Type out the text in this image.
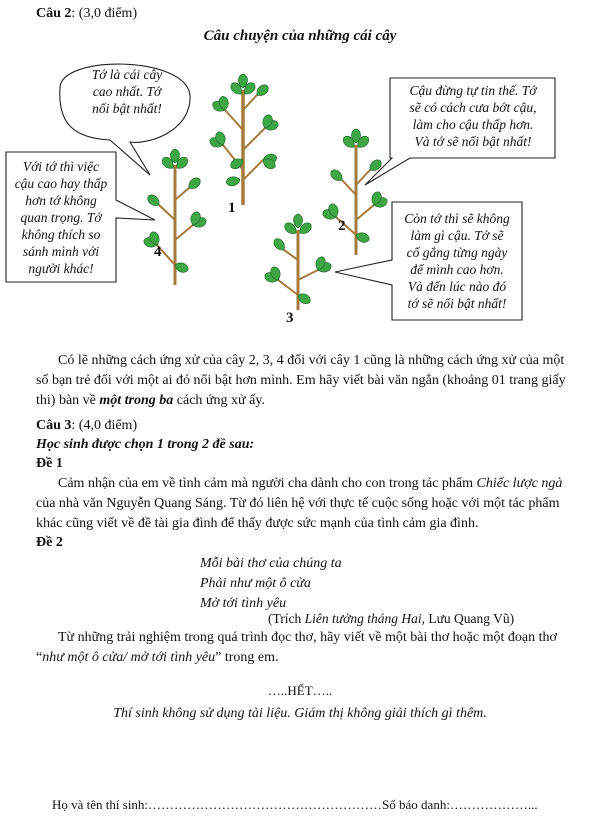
Câu 2: (3,0 điểm)
Câu chuyện của những cái cây
Tớ là cái cây
cao nhất. Tớ
nổi bật nhất!
Cậu đừng tự tin thế. Tớ
sẽ có cách cưa bớt cậu,
làm cho cậu thấp hơn.
Và tớ sẽ nổi bật nhất!
Với tớ thì việc
cậu cao hay thấp
hơn tớ không
quan trọng. Tớ
không thích so
sánh mình với
người khác!
Còn tớ thì sẽ không
làm gì cậu. Tớ sẽ
cố gắng từng ngày
để mình cao hơn.
Và đến lúc nào đó
tớ sẽ nổi bật nhất!
1
2
3
4
Có lẽ những cách ứng xử của cây 2, 3, 4 đối với cây 1 cũng là những cách ứng xử của một
số bạn trẻ đối với một ai đó nổi bật hơn mình. Em hãy viết bài văn ngắn (khoảng 01 trang giấy
thi) bàn về một trong ba cách ứng xử ấy.
Câu 3: (4,0 điểm)
Học sinh được chọn 1 trong 2 đề sau:
Đề 1
Cảm nhận của em về tình cảm mà người cha dành cho con trong tác phẩm Chiếc lược ngà
của nhà văn Nguyễn Quang Sáng. Từ đó liên hệ với thực tế cuộc sống hoặc với một tác phẩm
khác cũng viết về đề tài gia đình để thấy được sức mạnh của tình cảm gia đình.
Đề 2
Mỗi bài thơ của chúng ta
Phải như một ô cửa
Mở tới tình yêu
(Trích Liên tưởng tháng Hai, Lưu Quang Vũ)
Từ những trải nghiệm trong quá trình đọc thơ, hãy viết về một bài thơ hoặc một đoạn thơ
“như một ô cửa/ mở tới tình yêu” trong em.
…..HẾT…..
Thí sinh không sử dụng tài liệu. Giám thị không giải thích gì thêm.
Họ và tên thí sinh:………………………………………………Số báo danh:………………...
